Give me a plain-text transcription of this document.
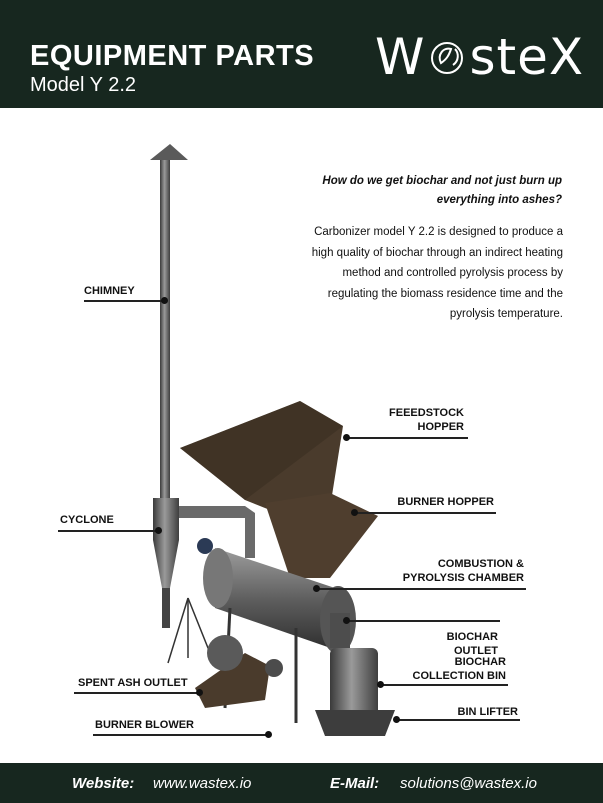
EQUIPMENT PARTS
Model Y 2.2	W steX
How do we get biochar and not just burn up everything into ashes?
Carbonizer model Y 2.2 is designed to produce a high quality of biochar through an indirect heating method and controlled pyrolysis process by regulating the biomass residence time and the pyrolysis temperature.
CHIMNEY
CYCLONE
SPENT ASH OUTLET
BURNER BLOWER
FEEEDSTOCK HOPPER
BURNER HOPPER
COMBUSTION & PYROLYSIS CHAMBER
BIOCHAR OUTLET
BIOCHAR COLLECTION BIN
BIN LIFTER
Website: www.wastex.io	E-Mail: solutions@wastex.io
